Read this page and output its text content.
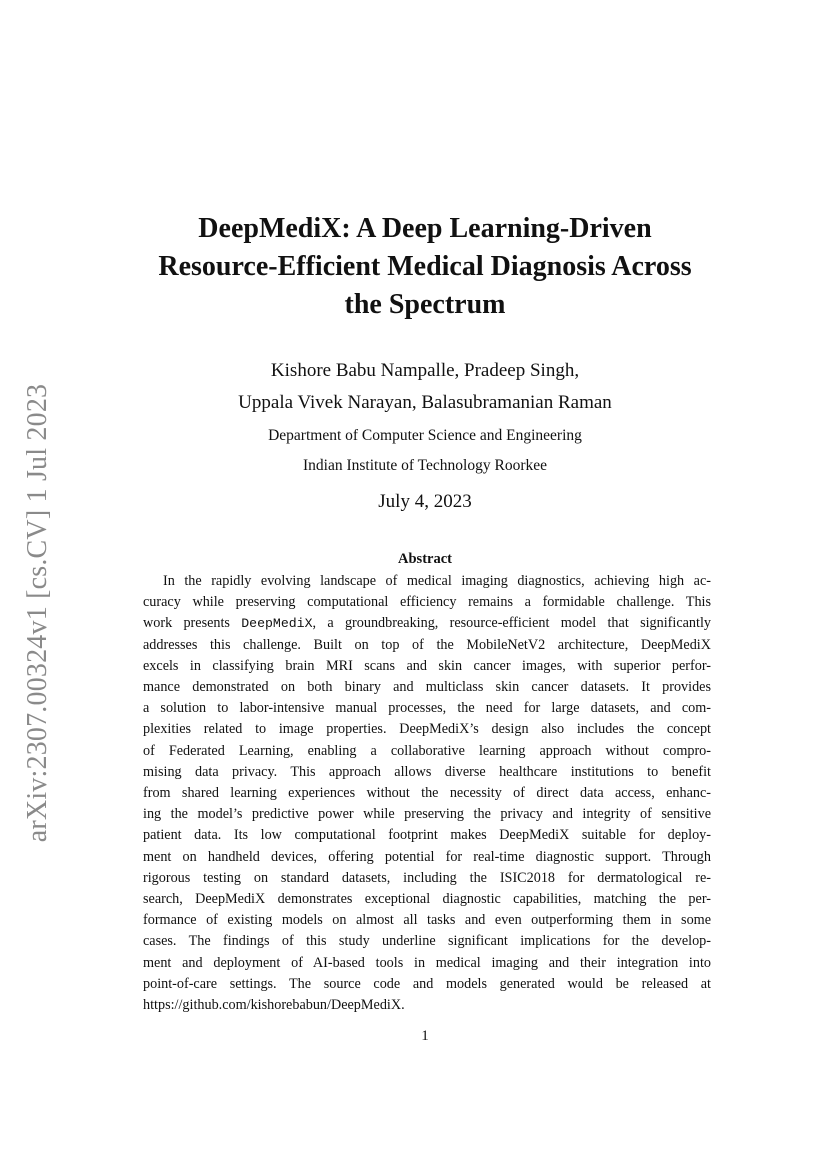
arXiv:2307.00324v1 [cs.CV] 1 Jul 2023
DeepMediX: A Deep Learning-Driven
Resource-Efficient Medical Diagnosis Across
the Spectrum
Kishore Babu Nampalle, Pradeep Singh,
Uppala Vivek Narayan, Balasubramanian Raman
Department of Computer Science and Engineering
Indian Institute of Technology Roorkee
July 4, 2023
Abstract
In the rapidly evolving landscape of medical imaging diagnostics, achieving high ac-
curacy while preserving computational efficiency remains a formidable challenge. This
work presents DeepMediX, a groundbreaking, resource-efficient model that significantly
addresses this challenge. Built on top of the MobileNetV2 architecture, DeepMediX
excels in classifying brain MRI scans and skin cancer images, with superior perfor-
mance demonstrated on both binary and multiclass skin cancer datasets. It provides
a solution to labor-intensive manual processes, the need for large datasets, and com-
plexities related to image properties. DeepMediX’s design also includes the concept
of Federated Learning, enabling a collaborative learning approach without compro-
mising data privacy. This approach allows diverse healthcare institutions to benefit
from shared learning experiences without the necessity of direct data access, enhanc-
ing the model’s predictive power while preserving the privacy and integrity of sensitive
patient data. Its low computational footprint makes DeepMediX suitable for deploy-
ment on handheld devices, offering potential for real-time diagnostic support. Through
rigorous testing on standard datasets, including the ISIC2018 for dermatological re-
search, DeepMediX demonstrates exceptional diagnostic capabilities, matching the per-
formance of existing models on almost all tasks and even outperforming them in some
cases. The findings of this study underline significant implications for the develop-
ment and deployment of AI-based tools in medical imaging and their integration into
point-of-care settings. The source code and models generated would be released at
https://github.com/kishorebabun/DeepMediX.
1
